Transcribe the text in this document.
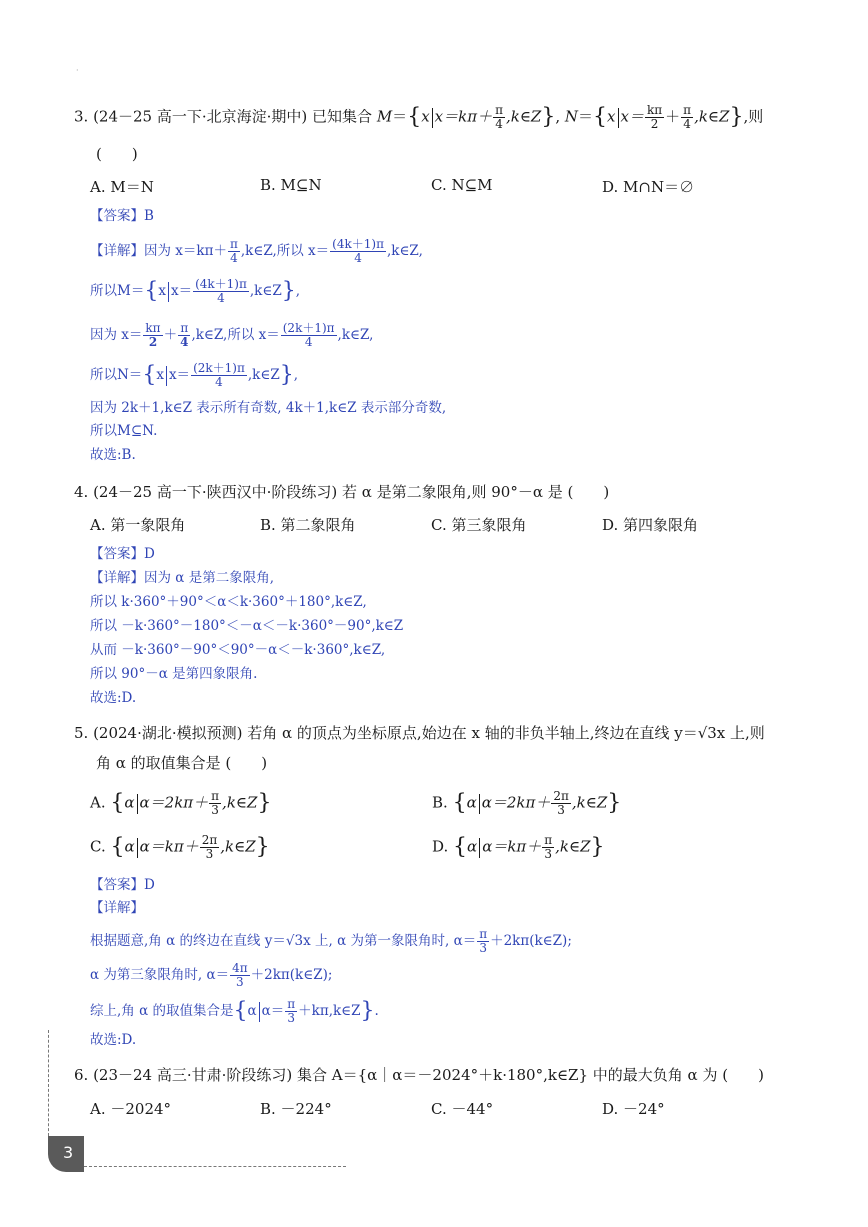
·
3. (24－25 高一下·北京海淀·期中) 已知集合 M＝{x $x=k\pi+ \frac{\pi}{4}$ ,k∈Z}, N＝{x $x= \frac{k\pi}{2} + \frac{\pi}{4}$ ,k∈Z},则
(　　)
A. M＝N	B. M⊆N	C. N⊆M	D. M∩N＝∅
【答案】B
【详解】因为 $x=k\pi+ \frac{\pi}{4}$ ,k∈Z,所以 $x= \frac{(4k+1)\pi}{4}$ ,k∈Z,
所以M＝{x $x= \frac{(4k+1)\pi}{4}$ ,k∈Z},
因为 $x= \frac{k\pi}{2} + \frac{\pi}{4}$ ,k∈Z,所以 $x= \frac{(2k+1)\pi}{4}$ ,k∈Z,
所以N＝{x $x= \frac{(2k+1)\pi}{4}$ ,k∈Z},
因为 2k＋1,k∈Z 表示所有奇数, 4k＋1,k∈Z 表示部分奇数,
所以M⊆N.
故选:B.
4. (24－25 高一下·陕西汉中·阶段练习) 若 α 是第二象限角,则 90°－α 是 (　　)
A. 第一象限角	B. 第二象限角	C. 第三象限角	D. 第四象限角
【答案】D
【详解】因为 α 是第二象限角,
所以 k·360°＋90°＜α＜k·360°＋180°,k∈Z,
所以 －k·360°－180°＜－α＜－k·360°－90°,k∈Z
从而 －k·360°－90°＜90°－α＜－k·360°,k∈Z,
所以 90°－α 是第四象限角.
故选:D.
5. (2024·湖北·模拟预测) 若角 α 的顶点为坐标原点,始边在 x 轴的非负半轴上,终边在直线 y＝√3x 上,则
角 α 的取值集合是 (　　)
A. {α $\alpha=2k\pi+ \frac{\pi}{3}$ ,k∈Z}	B. {α $\alpha=2k\pi+ \frac{2\pi}{3}$ ,k∈Z}
C. {α $\alpha=k\pi+ \frac{2\pi}{3}$ ,k∈Z}	D. {α $\alpha=k\pi+ \frac{\pi}{3}$ ,k∈Z}
【答案】D
【详解】
根据题意,角 α 的终边在直线 y＝√3x 上, α 为第一象限角时, $\alpha= \frac{\pi}{3}$ ＋2kπ(k∈Z);
α 为第三象限角时, $\alpha= \frac{4\pi}{3}$ ＋2kπ(k∈Z);
综上,角 α 的取值集合是{α $\alpha= \frac{\pi}{3}$ ＋kπ,k∈Z}.
故选:D.
6. (23－24 高三·甘肃·阶段练习) 集合 A＝{α｜α＝－2024°＋k·180°,k∈Z} 中的最大负角 α 为 (　　)
A. －2024°	B. －224°	C. －44°	D. －24°
3
